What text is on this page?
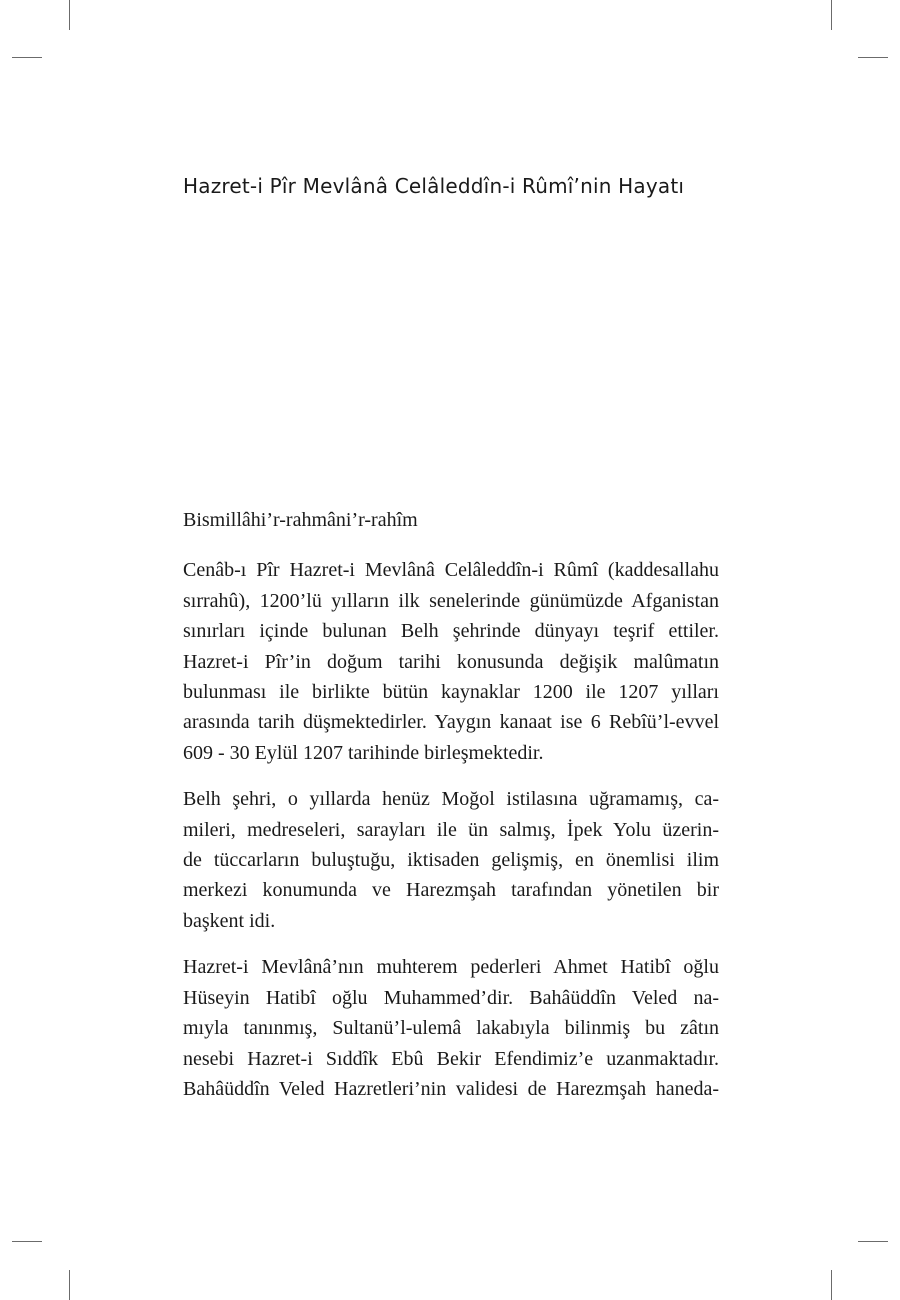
Hazret-i Pîr Mevlânâ Celâleddîn-i Rûmî’nin Hayatı

Bismillâhi’r-rahmâni’r-rahîm

Cenâb-ı Pîr Hazret-i Mevlânâ Celâleddîn-i Rûmî (kaddesallahu
sırrahû), 1200’lü yılların ilk senelerinde günümüzde Afganistan
sınırları içinde bulunan Belh şehrinde dünyayı teşrif ettiler.
Hazret-i Pîr’in doğum tarihi konusunda değişik malûmatın
bulunması ile birlikte bütün kaynaklar 1200 ile 1207 yılları
arasında tarih düşmektedirler. Yaygın kanaat ise 6 Rebîü’l-evvel
609 - 30 Eylül 1207 tarihinde birleşmektedir.

Belh şehri, o yıllarda henüz Moğol istilasına uğramamış, ca-
mileri, medreseleri, sarayları ile ün salmış, İpek Yolu üzerin-
de tüccarların buluştuğu, iktisaden gelişmiş, en önemlisi ilim
merkezi konumunda ve Harezmşah tarafından yönetilen bir
başkent idi.

Hazret-i Mevlânâ’nın muhterem pederleri Ahmet Hatibî oğlu
Hüseyin Hatibî oğlu Muhammed’dir. Bahâüddîn Veled na-
mıyla tanınmış, Sultanü’l-ulemâ lakabıyla bilinmiş bu zâtın
nesebi Hazret-i Sıddîk Ebû Bekir Efendimiz’e uzanmaktadır.
Bahâüddîn Veled Hazretleri’nin validesi de Harezmşah haneda-
